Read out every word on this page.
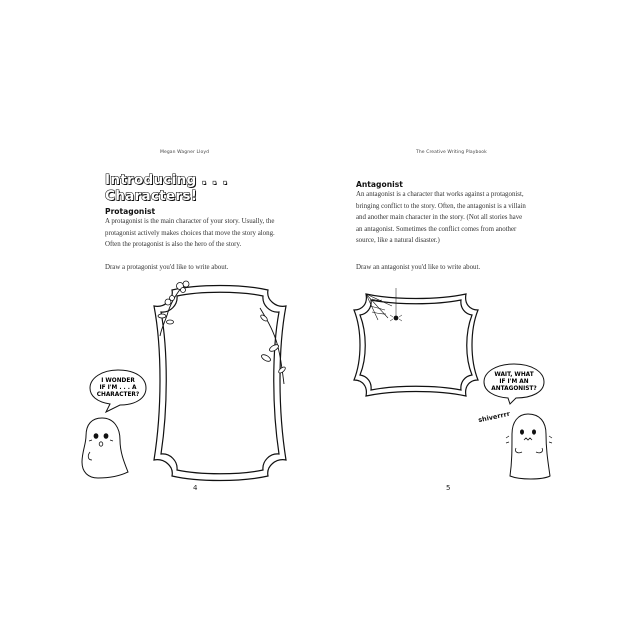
Megan Wagner Lloyd
Introducing . . . Characters!
Protagonist
A protagonist is the main character of your story. Usually, the
protagonist actively makes choices that move the story along.
Often the protagonist is also the hero of the story.
Draw a protagonist you'd like to write about.
4
The Creative Writing Playbook
Antagonist
An antagonist is a character that works against a protagonist,
bringing conflict to the story. Often, the antagonist is a villain
and another main character in the story. (Not all stories have
an antagonist. Sometimes the conflict comes from another
source, like a natural disaster.)
Draw an antagonist you'd like to write about.
5
shiverrrr
I WONDER
IF I'M . . . A
CHARACTER?
WAIT, WHAT
IF I'M AN
ANTAGONIST?
